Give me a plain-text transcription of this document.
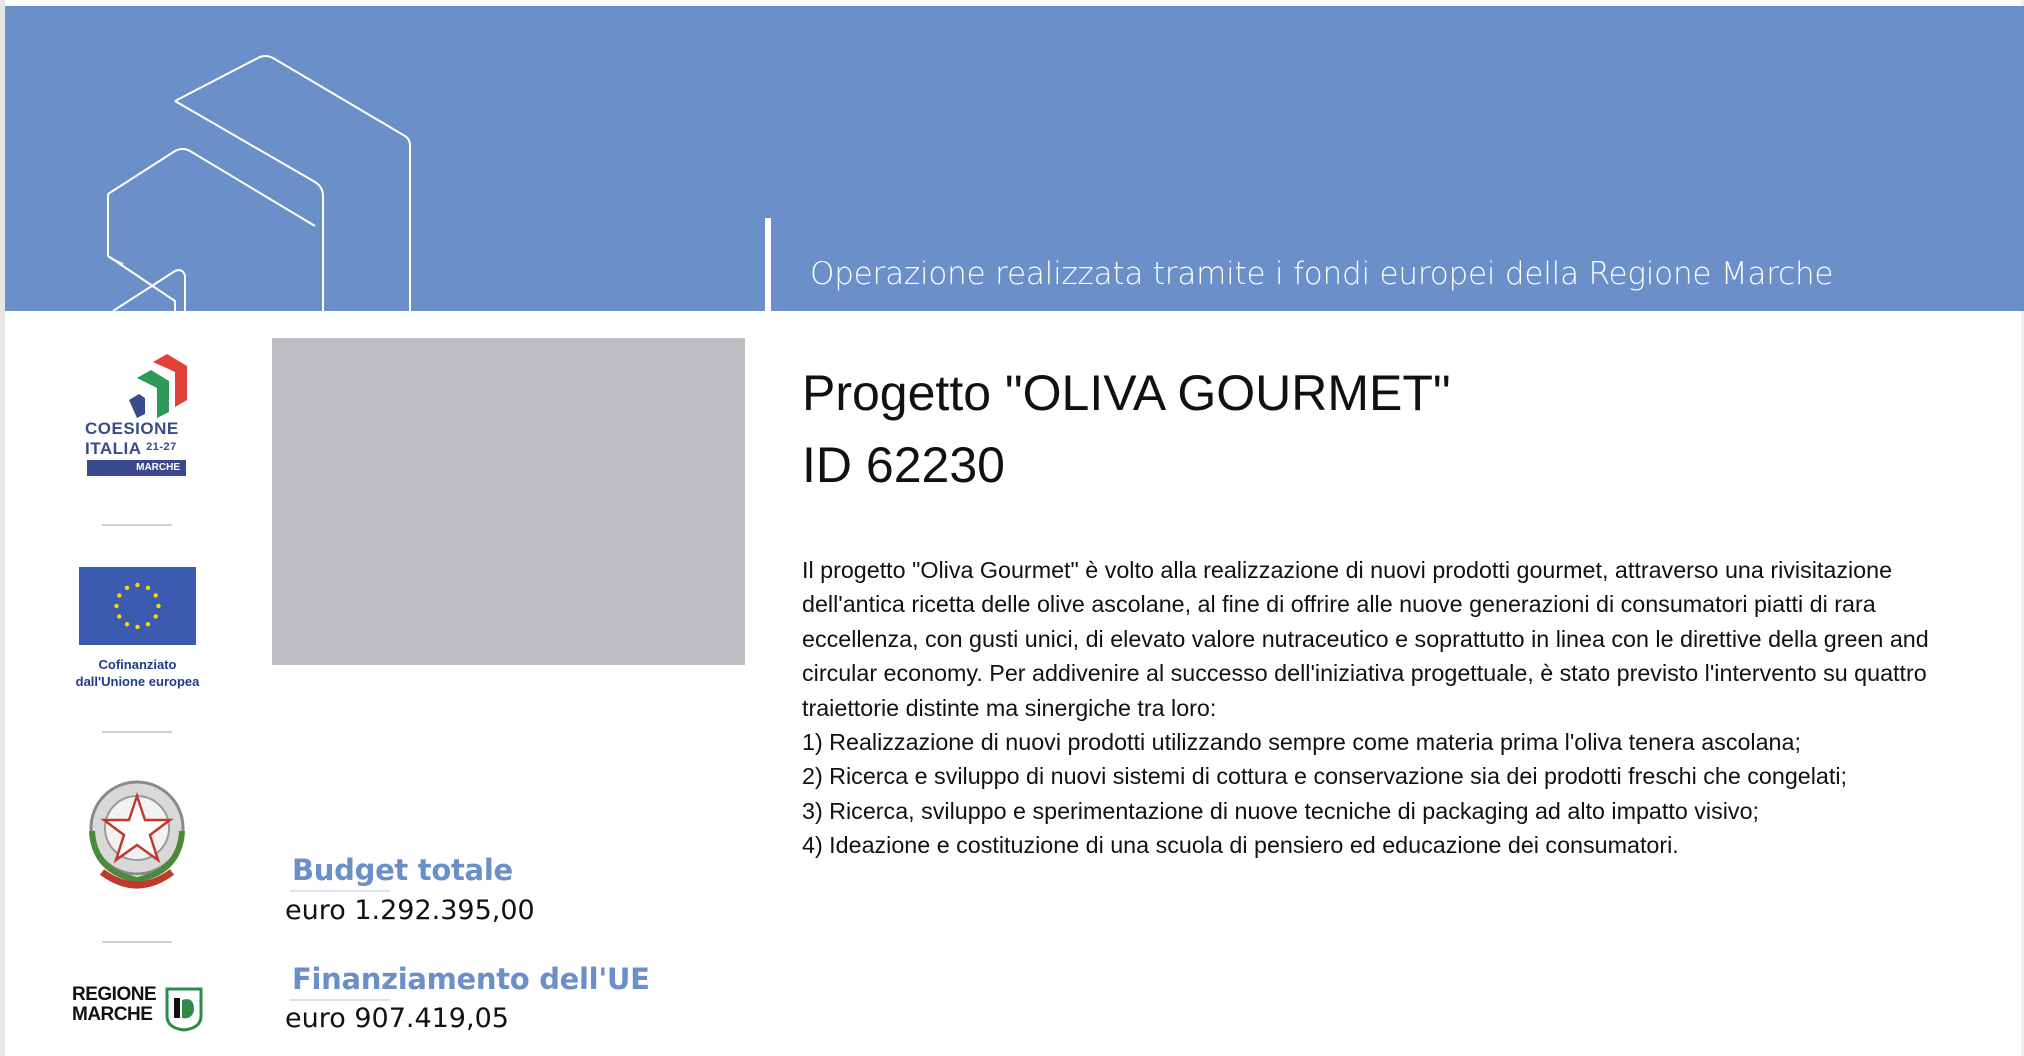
Operazione realizzata tramite i fondi europei della Regione Marche
COESIONE
ITALIA $^{21-27}$
MARCHE
Cofinanziato
dall'Unione europea
REGIONE
MARCHE
Budget totale
euro 1.292.395,00
Finanziamento dell'UE
euro 907.419,05
Progetto "OLIVA GOURMET"
ID 62230

Il progetto "Oliva Gourmet" è volto alla realizzazione di nuovi prodotti gourmet, attraverso una rivisitazione dell'antica ricetta delle olive ascolane, al fine di offrire alle nuove generazioni di consumatori piatti di rara eccellenza, con gusti unici, di elevato valore nutraceutico e soprattutto in linea con le direttive della green and circular economy. Per addivenire al successo dell'iniziativa progettuale, è stato previsto l'intervento su quattro traiettorie distinte ma sinergiche tra loro:

1) Realizzazione di nuovi prodotti utilizzando sempre come materia prima l'oliva tenera ascolana;

2) Ricerca e sviluppo di nuovi sistemi di cottura e conservazione sia dei prodotti freschi che congelati;

3) Ricerca, sviluppo e sperimentazione di nuove tecniche di packaging ad alto impatto visivo;

4) Ideazione e costituzione di una scuola di pensiero ed educazione dei consumatori.
